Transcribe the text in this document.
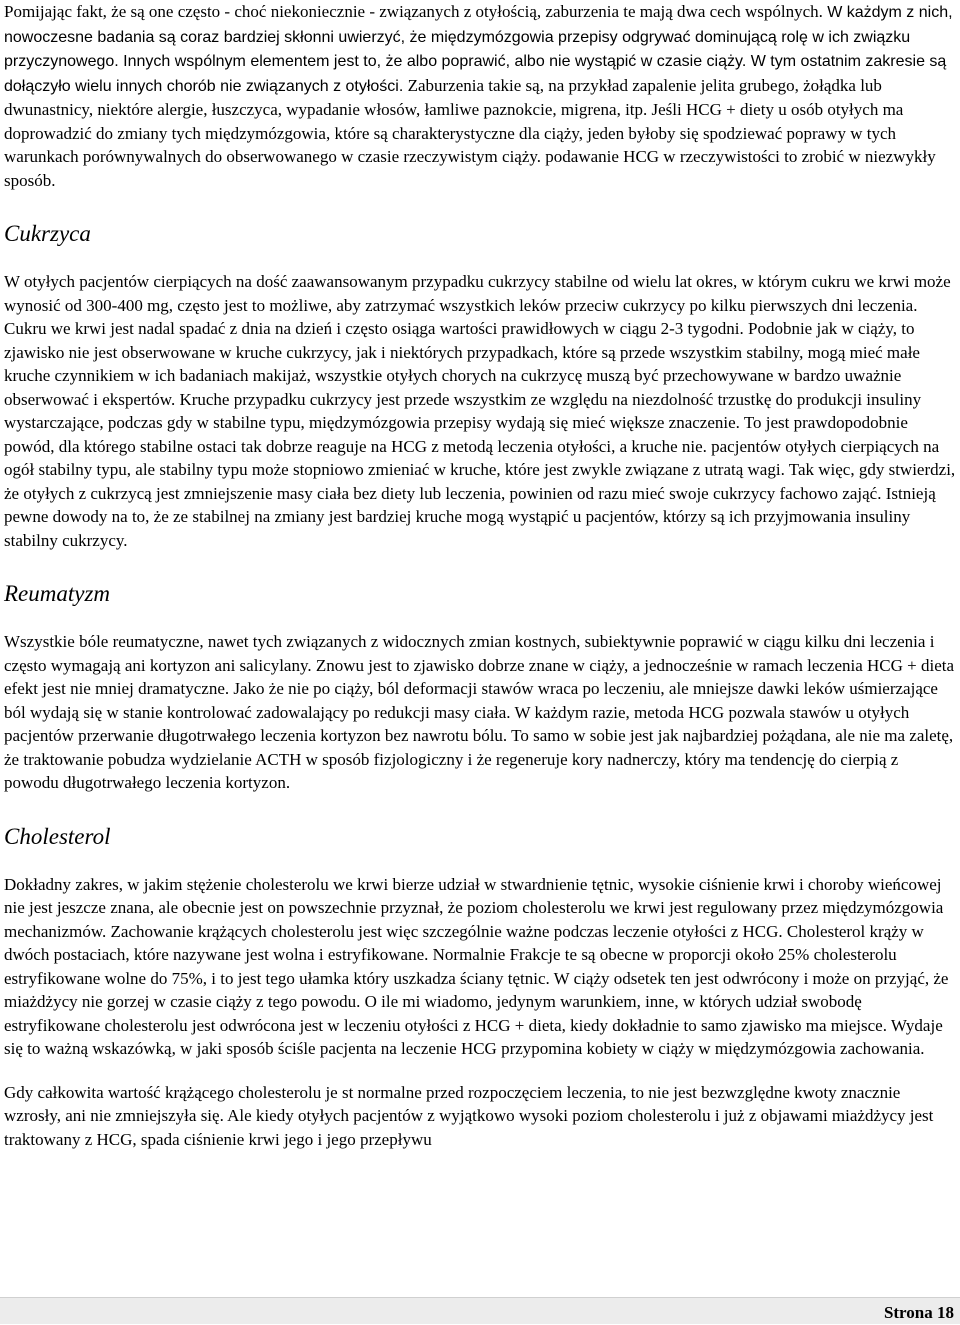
Pomijając fakt, że są one często - choć niekoniecznie - związanych z otyłością, zaburzenia te mają dwa cech wspólnych. W każdym z nich, nowoczesne badania są coraz bardziej skłonni uwierzyć, że międzymózgowia przepisy odgrywać dominującą rolę w ich związku przyczynowego. Innych wspólnym elementem jest to, że albo poprawić, albo nie wystąpić w czasie ciąży. W tym ostatnim zakresie są dołączyło wielu innych chorób nie związanych z otyłości. Zaburzenia takie są, na przykład zapalenie jelita grubego, żołądka lub dwunastnicy, niektóre alergie, łuszczyca, wypadanie włosów, łamliwe paznokcie, migrena, itp. Jeśli HCG + diety u osób otyłych ma doprowadzić do zmiany tych międzymózgowia, które są charakterystyczne dla ciąży, jeden byłoby się spodziewać poprawy w tych warunkach porównywalnych do obserwowanego w czasie rzeczywistym ciąży. podawanie HCG w rzeczywistości to zrobić w niezwykły sposób.

Cukrzyca

W otyłych pacjentów cierpiących na dość zaawansowanym przypadku cukrzycy stabilne od wielu lat okres, w którym cukru we krwi może wynosić od 300-400 mg, często jest to możliwe, aby zatrzymać wszystkich leków przeciw cukrzycy po kilku pierwszych dni leczenia. Cukru we krwi jest nadal spadać z dnia na dzień i często osiąga wartości prawidłowych w ciągu 2-3 tygodni. Podobnie jak w ciąży, to zjawisko nie jest obserwowane w kruche cukrzycy, jak i niektórych przypadkach, które są przede wszystkim stabilny, mogą mieć małe kruche czynnikiem w ich badaniach makijaż, wszystkie otyłych chorych na cukrzycę muszą być przechowywane w bardzo uważnie obserwować i ekspertów. Kruche przypadku cukrzycy jest przede wszystkim ze względu na niezdolność trzustkę do produkcji insuliny wystarczające, podczas gdy w stabilne typu, międzymózgowia przepisy wydają się mieć większe znaczenie. To jest prawdopodobnie powód, dla którego stabilne ostaci tak dobrze reaguje na HCG z metodą leczenia otyłości, a kruche nie. pacjentów otyłych cierpiących na ogół stabilny typu, ale stabilny typu może stopniowo zmieniać w kruche, które jest zwykle związane z utratą wagi. Tak więc, gdy stwierdzi, że otyłych z cukrzycą jest zmniejszenie masy ciała bez diety lub leczenia, powinien od razu mieć swoje cukrzycy fachowo zająć. Istnieją pewne dowody na to, że ze stabilnej na zmiany jest bardziej kruche mogą wystąpić u pacjentów, którzy są ich przyjmowania insuliny stabilny cukrzycy.

Reumatyzm

Wszystkie bóle reumatyczne, nawet tych związanych z widocznych zmian kostnych, subiektywnie poprawić w ciągu kilku dni leczenia i często wymagają ani kortyzon ani salicylany. Znowu jest to zjawisko dobrze znane w ciąży, a jednocześnie w ramach leczenia HCG + dieta efekt jest nie mniej dramatyczne. Jako że nie po ciąży, ból deformacji stawów wraca po leczeniu, ale mniejsze dawki leków uśmierzające ból wydają się w stanie kontrolować zadowalający po redukcji masy ciała. W każdym razie, metoda HCG pozwala stawów u otyłych pacjentów przerwanie długotrwałego leczenia kortyzon bez nawrotu bólu. To samo w sobie jest jak najbardziej pożądana, ale nie ma zaletę, że traktowanie pobudza wydzielanie ACTH w sposób fizjologiczny i że regeneruje kory nadnerczy, który ma tendencję do cierpią z powodu długotrwałego leczenia kortyzon.

Cholesterol

Dokładny zakres, w jakim stężenie cholesterolu we krwi bierze udział w stwardnienie tętnic, wysokie ciśnienie krwi i choroby wieńcowej nie jest jeszcze znana, ale obecnie jest on powszechnie przyznał, że poziom cholesterolu we krwi jest regulowany przez międzymózgowia mechanizmów. Zachowanie krążących cholesterolu jest więc szczególnie ważne podczas leczenie otyłości z HCG. Cholesterol krąży w dwóch postaciach, które nazywane jest wolna i estryfikowane. Normalnie Frakcje te są obecne w proporcji około 25% cholesterolu estryfikowane wolne do 75%, i to jest tego ułamka który uszkadza ściany tętnic. W ciąży odsetek ten jest odwrócony i może on przyjąć, że miażdżycy nie gorzej w czasie ciąży z tego powodu. O ile mi wiadomo, jedynym warunkiem, inne, w których udział swobodę estryfikowane cholesterolu jest odwrócona jest w leczeniu otyłości z HCG + dieta, kiedy dokładnie to samo zjawisko ma miejsce. Wydaje się to ważną wskazówką, w jaki sposób ściśle pacjenta na leczenie HCG przypomina kobiety w ciąży w międzymózgowia zachowania.

Gdy całkowita wartość krążącego cholesterolu je st normalne przed rozpoczęciem leczenia, to nie jest bezwzględne kwoty znacznie wzrosły, ani nie zmniejszyła się. Ale kiedy otyłych pacjentów z wyjątkowo wysoki poziom cholesterolu i już z objawami miażdżycy jest traktowany z HCG, spada ciśnienie krwi jego i jego przepływu

Strona 18
